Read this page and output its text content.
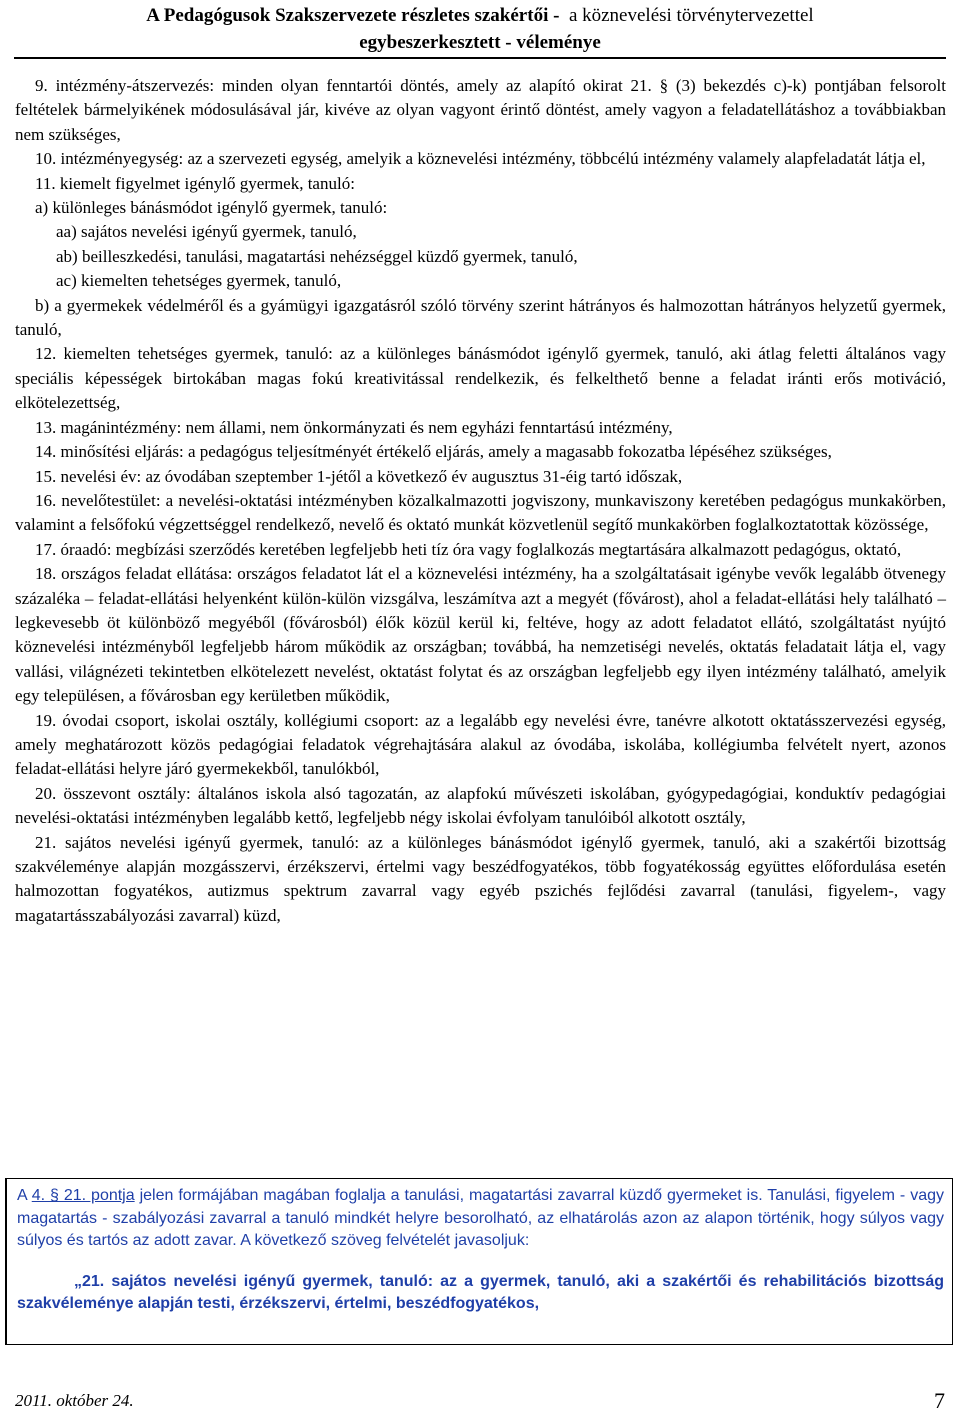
A Pedagógusok Szakszervezete részletes szakértői - a köznevelési törvénytervezettel
egybeszerkesztett - véleménye

9. intézmény-átszervezés: minden olyan fenntartói döntés, amely az alapító okirat 21. § (3) bekezdés c)-k) pontjában felsorolt feltételek bármelyikének módosulásával jár, kivéve az olyan vagyont érintő döntést, amely vagyon a feladatellátáshoz a továbbiakban nem szükséges,

10. intézményegység: az a szervezeti egység, amelyik a köznevelési intézmény, többcélú intézmény valamely alapfeladatát látja el,

11. kiemelt figyelmet igénylő gyermek, tanuló:

a) különleges bánásmódot igénylő gyermek, tanuló:

aa) sajátos nevelési igényű gyermek, tanuló,

ab) beilleszkedési, tanulási, magatartási nehézséggel küzdő gyermek, tanuló,

ac) kiemelten tehetséges gyermek, tanuló,

b) a gyermekek védelméről és a gyámügyi igazgatásról szóló törvény szerint hátrányos és halmozottan hátrányos helyzetű gyermek, tanuló,

12. kiemelten tehetséges gyermek, tanuló: az a különleges bánásmódot igénylő gyermek, tanuló, aki átlag feletti általános vagy speciális képességek birtokában magas fokú kreativitással rendelkezik, és felkelthető benne a feladat iránti erős motiváció, elkötelezettség,

13. magánintézmény: nem állami, nem önkormányzati és nem egyházi fenntartású intézmény,

14. minősítési eljárás: a pedagógus teljesítményét értékelő eljárás, amely a magasabb fokozatba lépéséhez szükséges,

15. nevelési év: az óvodában szeptember 1-jétől a következő év augusztus 31-éig tartó időszak,

16. nevelőtestület: a nevelési-oktatási intézményben közalkalmazotti jogviszony, munkaviszony keretében pedagógus munkakörben, valamint a felsőfokú végzettséggel rendelkező, nevelő és oktató munkát közvetlenül segítő munkakörben foglalkoztatottak közössége,

17. óraadó: megbízási szerződés keretében legfeljebb heti tíz óra vagy foglalkozás megtartására alkalmazott pedagógus, oktató,

18. országos feladat ellátása: országos feladatot lát el a köznevelési intézmény, ha a szolgáltatásait igénybe vevők legalább ötvenegy százaléka – feladat-ellátási helyenként külön-külön vizsgálva, leszámítva azt a megyét (fővárost), ahol a feladat-ellátási hely található – legkevesebb öt különböző megyéből (fővárosból) élők közül kerül ki, feltéve, hogy az adott feladatot ellátó, szolgáltatást nyújtó köznevelési intézményből legfeljebb három működik az országban; továbbá, ha nemzetiségi nevelés, oktatás feladatait látja el, vagy vallási, világnézeti tekintetben elkötelezett nevelést, oktatást folytat és az országban legfeljebb egy ilyen intézmény található, amelyik egy településen, a fővárosban egy kerületben működik,

19. óvodai csoport, iskolai osztály, kollégiumi csoport: az a legalább egy nevelési évre, tanévre alkotott oktatásszervezési egység, amely meghatározott közös pedagógiai feladatok végrehajtására alakul az óvodába, iskolába, kollégiumba felvételt nyert, azonos feladat-ellátási helyre járó gyermekekből, tanulókból,

20. összevont osztály: általános iskola alsó tagozatán, az alapfokú művészeti iskolában, gyógypedagógiai, konduktív pedagógiai nevelési-oktatási intézményben legalább kettő, legfeljebb négy iskolai évfolyam tanulóiból alkotott osztály,

21. sajátos nevelési igényű gyermek, tanuló: az a különleges bánásmódot igénylő gyermek, tanuló, aki a szakértői bizottság szakvéleménye alapján mozgásszervi, érzékszervi, értelmi vagy beszédfogyatékos, több fogyatékosság együttes előfordulása esetén halmozottan fogyatékos, autizmus spektrum zavarral vagy egyéb pszichés fejlődési zavarral (tanulási, figyelem-, vagy magatartásszabályozási zavarral) küzd,

A 4. § 21. pontja jelen formájában magában foglalja a tanulási, magatartási zavarral küzdő gyermeket is. Tanulási, figyelem - vagy magatartás - szabályozási zavarral a tanuló mindkét helyre besorolható, az elhatárolás azon az alapon történik, hogy súlyos vagy súlyos és tartós az adott zavar. A következő szöveg felvételét javasoljuk:

„21. sajátos nevelési igényű gyermek, tanuló: az a gyermek, tanuló, aki a szakértői és rehabilitációs bizottság szakvéleménye alapján testi, érzékszervi, értelmi, beszédfogyatékos,

2011. október 24.	7
